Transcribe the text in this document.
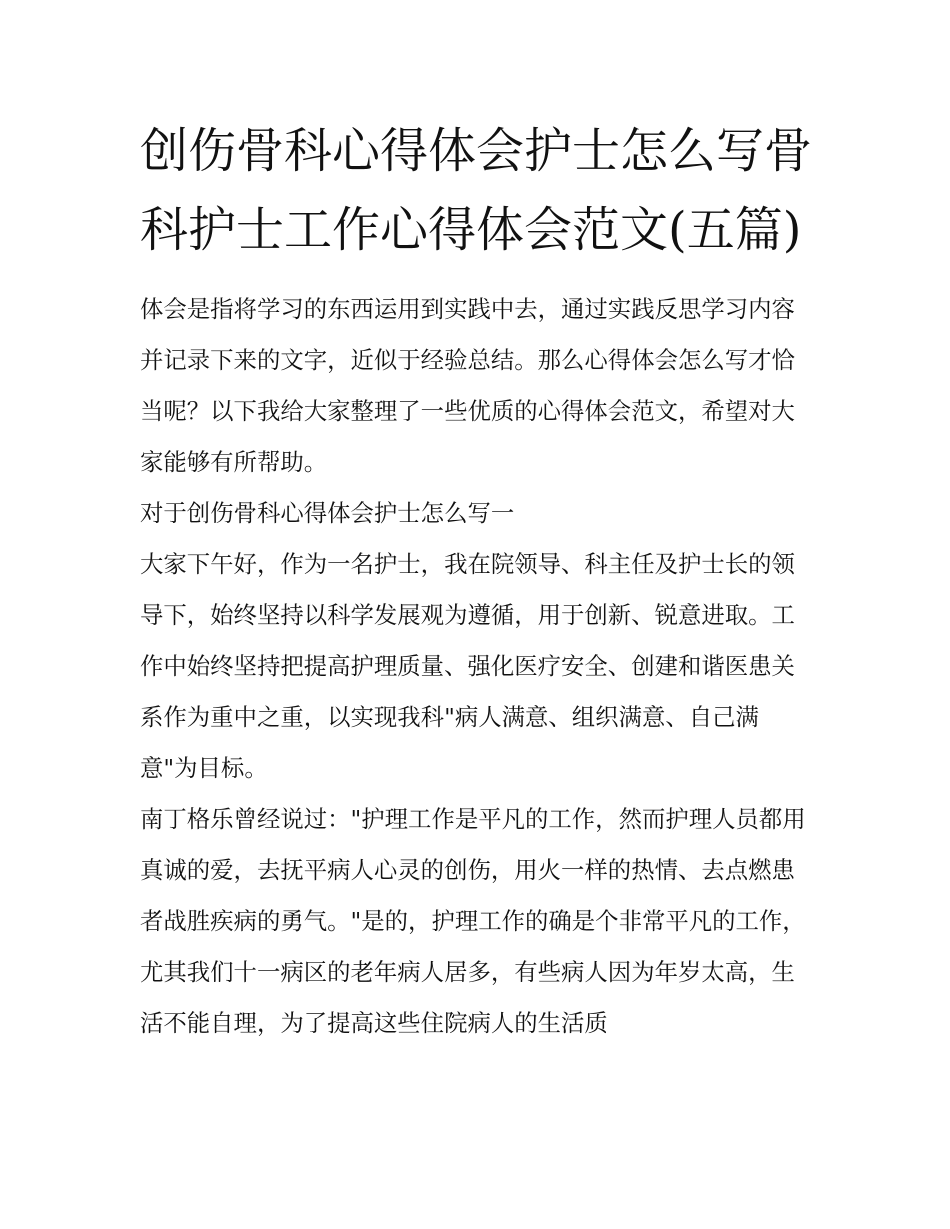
创伤骨科心得体会护士怎么写骨科护士工作心得体会范文(五篇)

体会是指将学习的东西运用到实践中去，通过实践反思学习内容并记录下来的文字，近似于经验总结。那么心得体会怎么写才恰当呢？以下我给大家整理了一些优质的心得体会范文，希望对大家能够有所帮助。

对于创伤骨科心得体会护士怎么写一

大家下午好，作为一名护士，我在院领导、科主任及护士长的领导下，始终坚持以科学发展观为遵循，用于创新、锐意进取。工作中始终坚持把提高护理质量、强化医疗安全、创建和谐医患关系作为重中之重，以实现我科"病人满意、组织满意、自己满意"为目标。

南丁格乐曾经说过："护理工作是平凡的工作，然而护理人员都用真诚的爱，去抚平病人心灵的创伤，用火一样的热情、去点燃患者战胜疾病的勇气。"是的，护理工作的确是个非常平凡的工作，尤其我们十一病区的老年病人居多，有些病人因为年岁太高，生活不能自理，为了提高这些住院病人的生活质
